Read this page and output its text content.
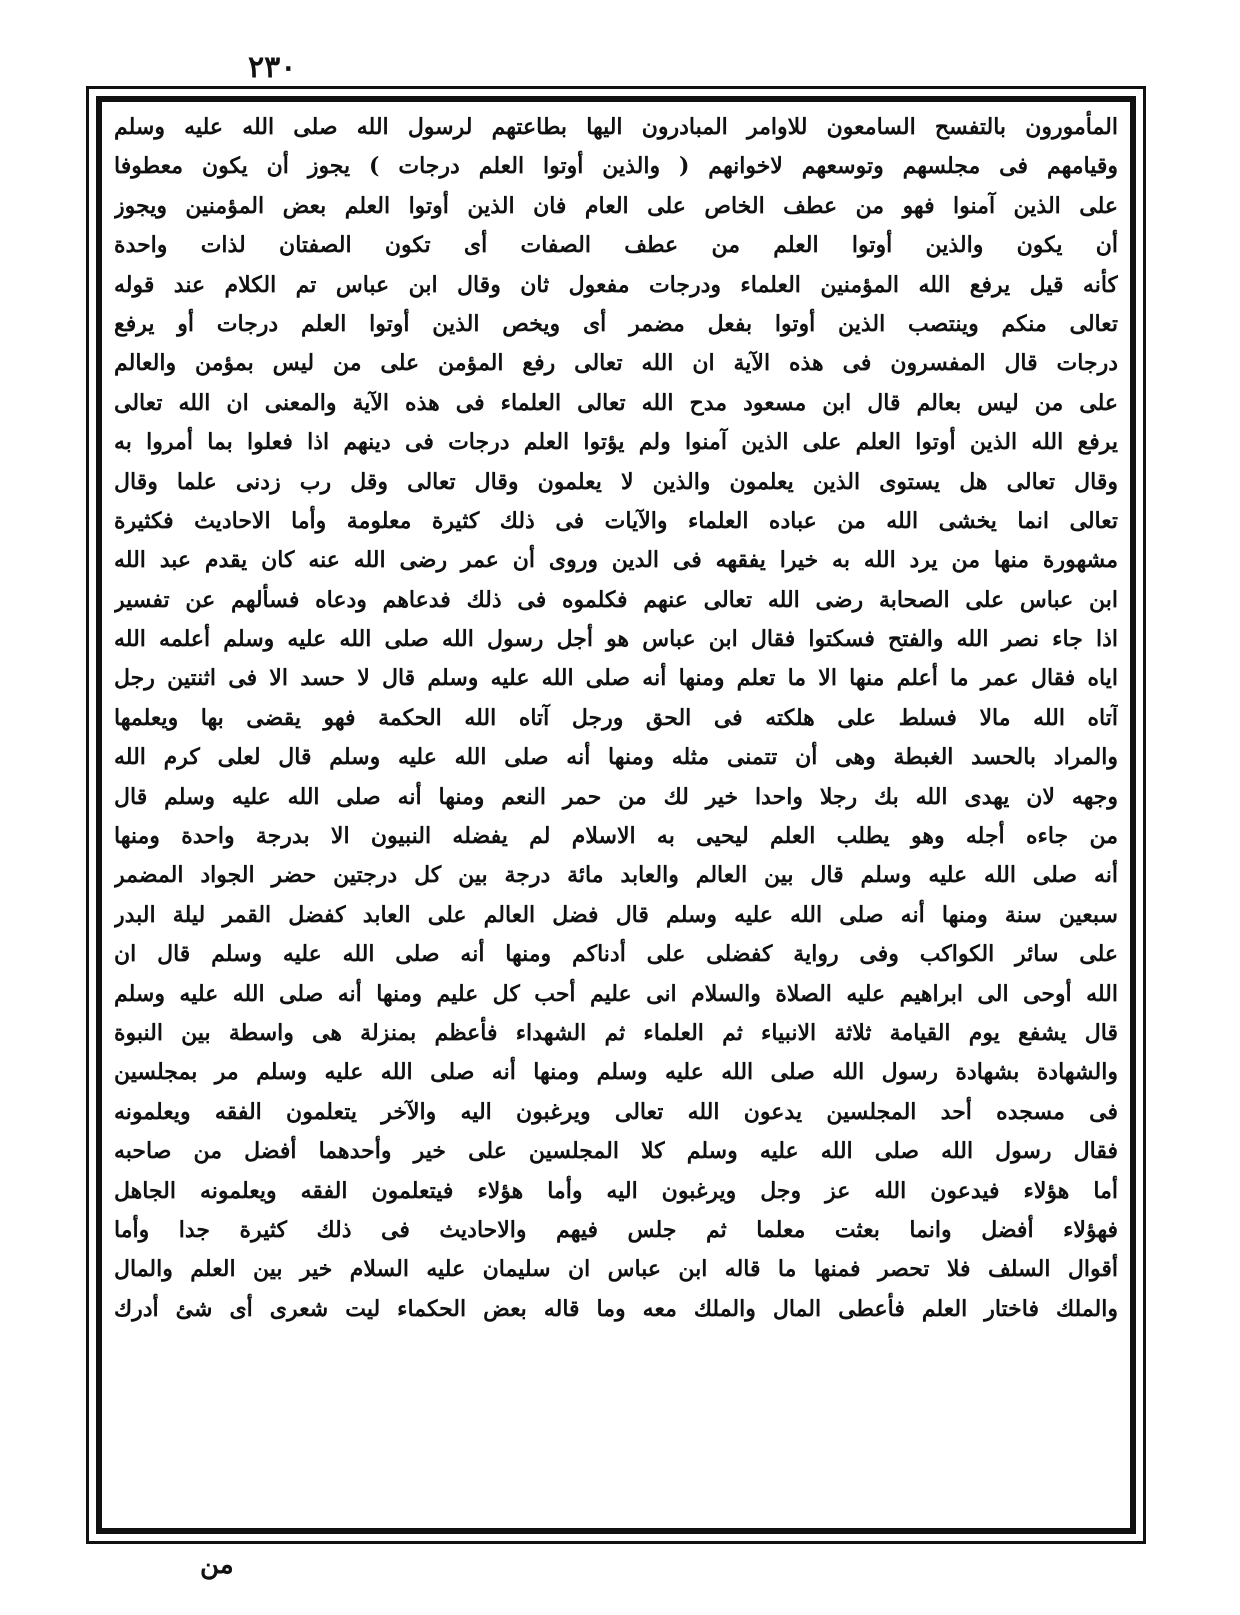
٢٣٠
المأمورون بالتفسح السامعون للاوامر المبادرون اليها بطاعتهم لرسول الله صلى الله عليه وسلم
وقيامهم فى مجلسهم وتوسعهم لاخوانهم ( والذين أوتوا العلم درجات ) يجوز أن يكون معطوفا
على الذين آمنوا فهو من عطف الخاص على العام فان الذين أوتوا العلم بعض المؤمنين ويجوز
أن يكون والذين أوتوا العلم من عطف الصفات أى تكون الصفتان لذات واحدة
كأنه قيل يرفع الله المؤمنين العلماء ودرجات مفعول ثان وقال ابن عباس تم الكلام عند قوله
تعالى منكم وينتصب الذين أوتوا بفعل مضمر أى ويخص الذين أوتوا العلم درجات أو يرفع
درجات قال المفسرون فى هذه الآية ان الله تعالى رفع المؤمن على من ليس بمؤمن والعالم
على من ليس بعالم قال ابن مسعود مدح الله تعالى العلماء فى هذه الآية والمعنى ان الله تعالى
يرفع الله الذين أوتوا العلم على الذين آمنوا ولم يؤتوا العلم درجات فى دينهم اذا فعلوا بما أمروا به
وقال تعالى هل يستوى الذين يعلمون والذين لا يعلمون وقال تعالى وقل رب زدنى علما وقال
تعالى انما يخشى الله من عباده العلماء والآيات فى ذلك كثيرة معلومة وأما الاحاديث فكثيرة
مشهورة منها من يرد الله به خيرا يفقهه فى الدين وروى أن عمر رضى الله عنه كان يقدم عبد الله
ابن عباس على الصحابة رضى الله تعالى عنهم فكلموه فى ذلك فدعاهم ودعاه فسألهم عن تفسير
اذا جاء نصر الله والفتح فسكتوا فقال ابن عباس هو أجل رسول الله صلى الله عليه وسلم أعلمه الله
اياه فقال عمر ما أعلم منها الا ما تعلم ومنها أنه صلى الله عليه وسلم قال لا حسد الا فى اثنتين رجل
آتاه الله مالا فسلط على هلكته فى الحق ورجل آتاه الله الحكمة فهو يقضى بها ويعلمها
والمراد بالحسد الغبطة وهى أن تتمنى مثله ومنها أنه صلى الله عليه وسلم قال لعلى كرم الله
وجهه لان يهدى الله بك رجلا واحدا خير لك من حمر النعم ومنها أنه صلى الله عليه وسلم قال
من جاءه أجله وهو يطلب العلم ليحيى به الاسلام لم يفضله النبيون الا بدرجة واحدة ومنها
أنه صلى الله عليه وسلم قال بين العالم والعابد مائة درجة بين كل درجتين حضر الجواد المضمر
سبعين سنة ومنها أنه صلى الله عليه وسلم قال فضل العالم على العابد كفضل القمر ليلة البدر
على سائر الكواكب وفى رواية كفضلى على أدناكم ومنها أنه صلى الله عليه وسلم قال ان
الله أوحى الى ابراهيم عليه الصلاة والسلام انى عليم أحب كل عليم ومنها أنه صلى الله عليه وسلم
قال يشفع يوم القيامة ثلاثة الانبياء ثم العلماء ثم الشهداء فأعظم بمنزلة هى واسطة بين النبوة
والشهادة بشهادة رسول الله صلى الله عليه وسلم ومنها أنه صلى الله عليه وسلم مر بمجلسين
فى مسجده أحد المجلسين يدعون الله تعالى ويرغبون اليه والآخر يتعلمون الفقه ويعلمونه
فقال رسول الله صلى الله عليه وسلم كلا المجلسين على خير وأحدهما أفضل من صاحبه
أما هؤلاء فيدعون الله عز وجل ويرغبون اليه وأما هؤلاء فيتعلمون الفقه ويعلمونه الجاهل
فهؤلاء أفضل وانما بعثت معلما ثم جلس فيهم والاحاديث فى ذلك كثيرة جدا وأما
أقوال السلف فلا تحصر فمنها ما قاله ابن عباس ان سليمان عليه السلام خير بين العلم والمال
والملك فاختار العلم فأعطى المال والملك معه وما قاله بعض الحكماء ليت شعرى أى شئ أدرك
من
